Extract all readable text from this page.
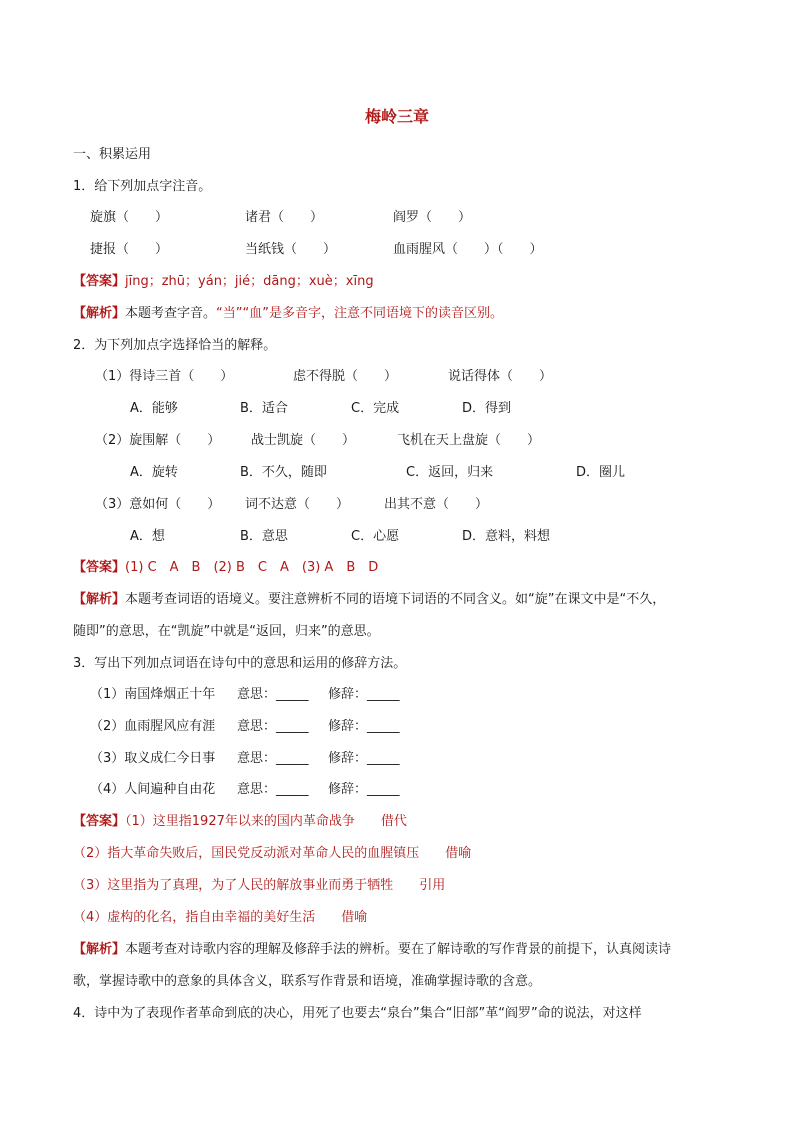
梅岭三章
一、积累运用
1．给下列加点字注音。
旋旗（　　）	诸君（　　）	阎罗（　　）
捷报（　　）	当纸钱（　　）	血雨腥风（　　）（　　）
【答案】jīng；zhū；yán；jié；dāng；xuè；xīng
【解析】本题考查字音。“当”“血”是多音字，注意不同语境下的读音区别。
2．为下列加点字选择恰当的解释。
（1）得诗三首（　　）	虑不得脱（　　）	说话得体（　　）
A．能够	B．适合	C．完成	D．得到
（2）旋围解（　　） 战士凯旋（　　）	飞机在天上盘旋（　　）
A．旋转	B．不久，随即	C．返回，归来	D．圈儿
（3）意如何（　　） 词不达意（　　）	出其不意（　　）
A．想	B．意思	C．心愿	D．意料，料想
【答案】(1) C　A　B　(2) B　C　A　(3) A　B　D
【解析】本题考查词语的语境义。要注意辨析不同的语境下词语的不同含义。如“旋”在课文中是“不久，
随即”的意思，在“凯旋”中就是“返回，归来”的意思。
3．写出下列加点词语在诗句中的意思和运用的修辞方法。
（1）南国烽烟正十年 意思：_____ 修辞：_____
（2）血雨腥风应有涯 意思：_____ 修辞：_____
（3）取义成仁今日事 意思：_____ 修辞：_____
（4）人间遍种自由花 意思：_____ 修辞：_____
【答案】（1）这里指1927年以来的国内革命战争　　借代
（2）指大革命失败后，国民党反动派对革命人民的血腥镇压　　借喻
（3）这里指为了真理，为了人民的解放事业而勇于牺牲　　引用
（4）虚构的化名，指自由幸福的美好生活　　借喻
【解析】本题考查对诗歌内容的理解及修辞手法的辨析。要在了解诗歌的写作背景的前提下，认真阅读诗
歌，掌握诗歌中的意象的具体含义，联系写作背景和语境，准确掌握诗歌的含意。
4．诗中为了表现作者革命到底的决心，用死了也要去“泉台”集合“旧部”革“阎罗”命的说法，对这样
